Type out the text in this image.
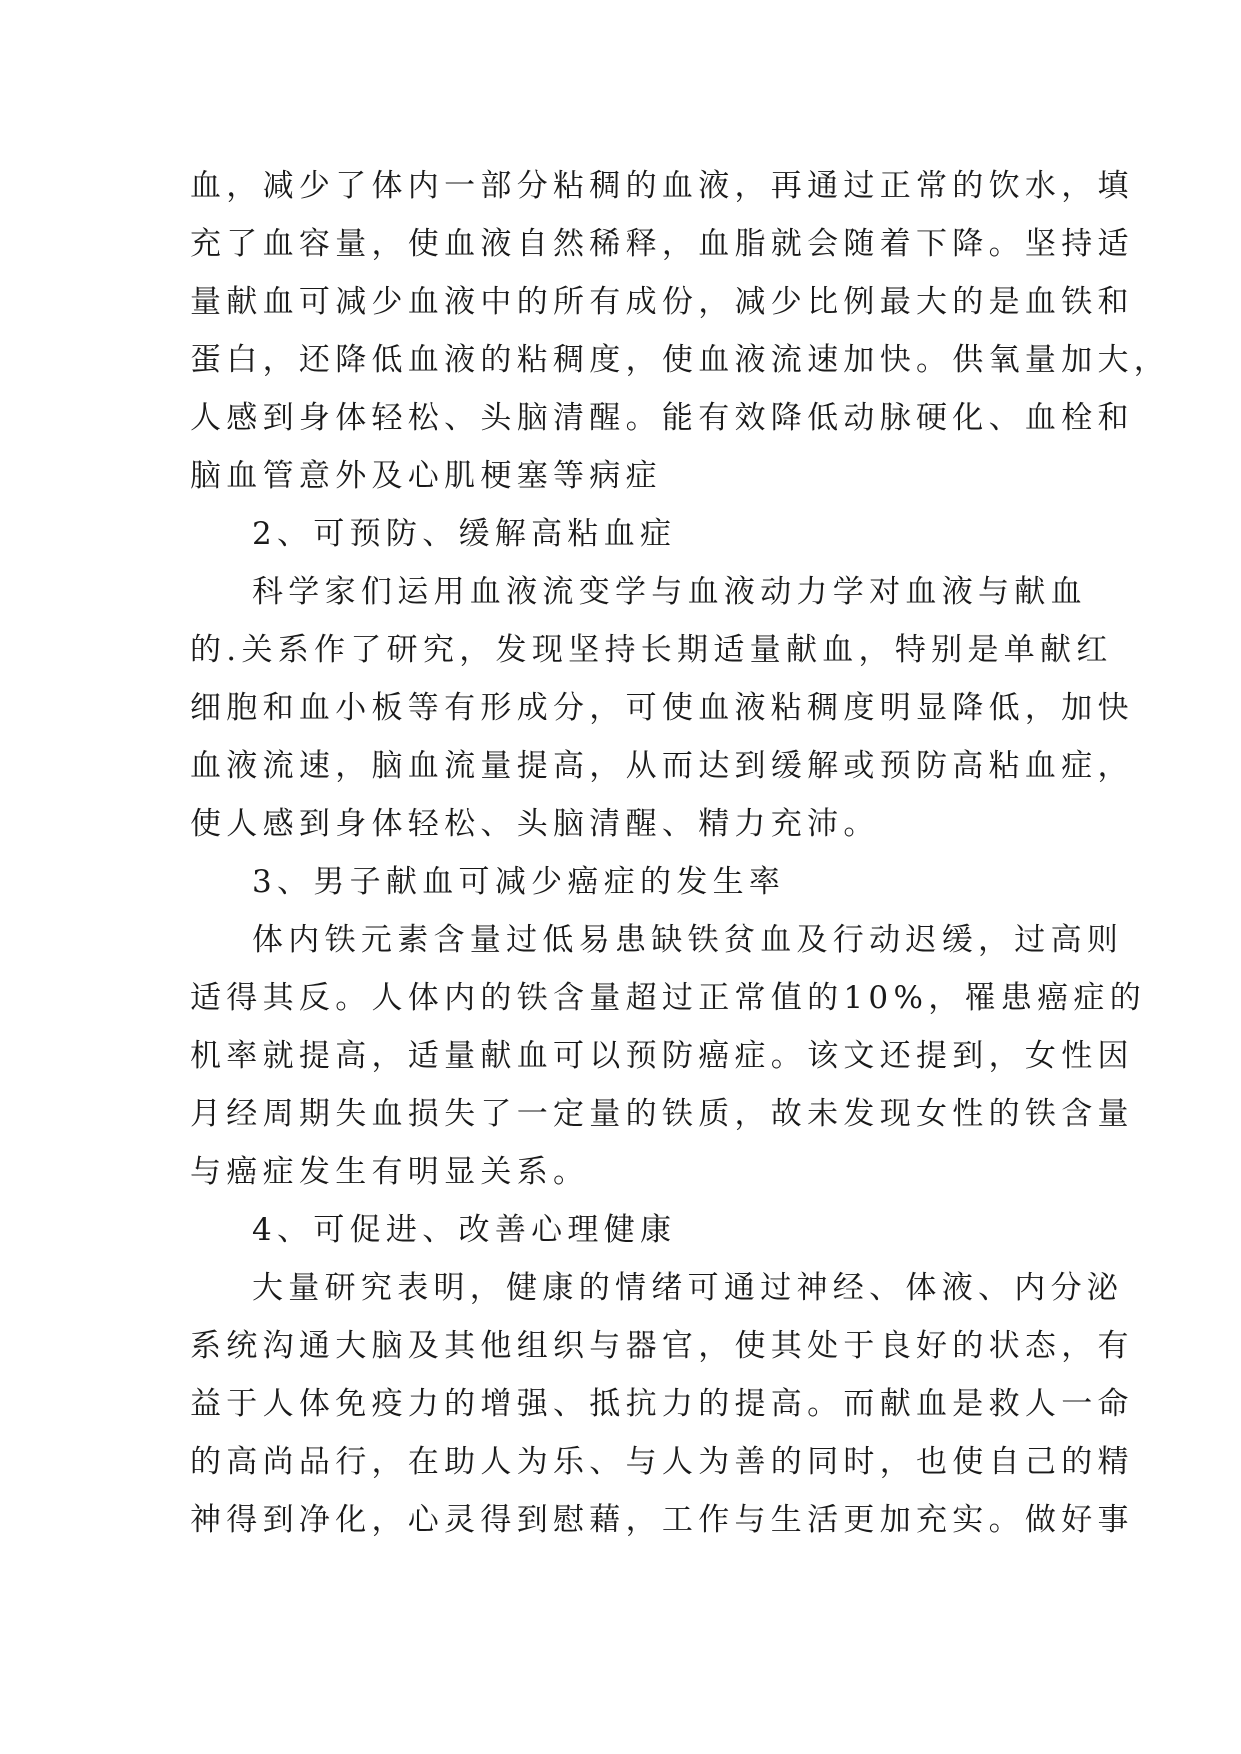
血，减少了体内一部分粘稠的血液，再通过正常的饮水，填
充了血容量，使血液自然稀释，血脂就会随着下降。坚持适
量献血可减少血液中的所有成份，减少比例最大的是血铁和
蛋白，还降低血液的粘稠度，使血液流速加快。供氧量加大，
人感到身体轻松、头脑清醒。能有效降低动脉硬化、血栓和
脑血管意外及心肌梗塞等病症
2、可预防、缓解高粘血症
科学家们运用血液流变学与血液动力学对血液与献血
的.关系作了研究，发现坚持长期适量献血，特别是单献红
细胞和血小板等有形成分，可使血液粘稠度明显降低，加快
血液流速，脑血流量提高，从而达到缓解或预防高粘血症，
使人感到身体轻松、头脑清醒、精力充沛。
3、男子献血可减少癌症的发生率
体内铁元素含量过低易患缺铁贫血及行动迟缓，过高则
适得其反。人体内的铁含量超过正常值的10%，罹患癌症的
机率就提高，适量献血可以预防癌症。该文还提到，女性因
月经周期失血损失了一定量的铁质，故未发现女性的铁含量
与癌症发生有明显关系。
4、可促进、改善心理健康
大量研究表明，健康的情绪可通过神经、体液、内分泌
系统沟通大脑及其他组织与器官，使其处于良好的状态，有
益于人体免疫力的增强、抵抗力的提高。而献血是救人一命
的高尚品行，在助人为乐、与人为善的同时，也使自己的精
神得到净化，心灵得到慰藉，工作与生活更加充实。做好事
